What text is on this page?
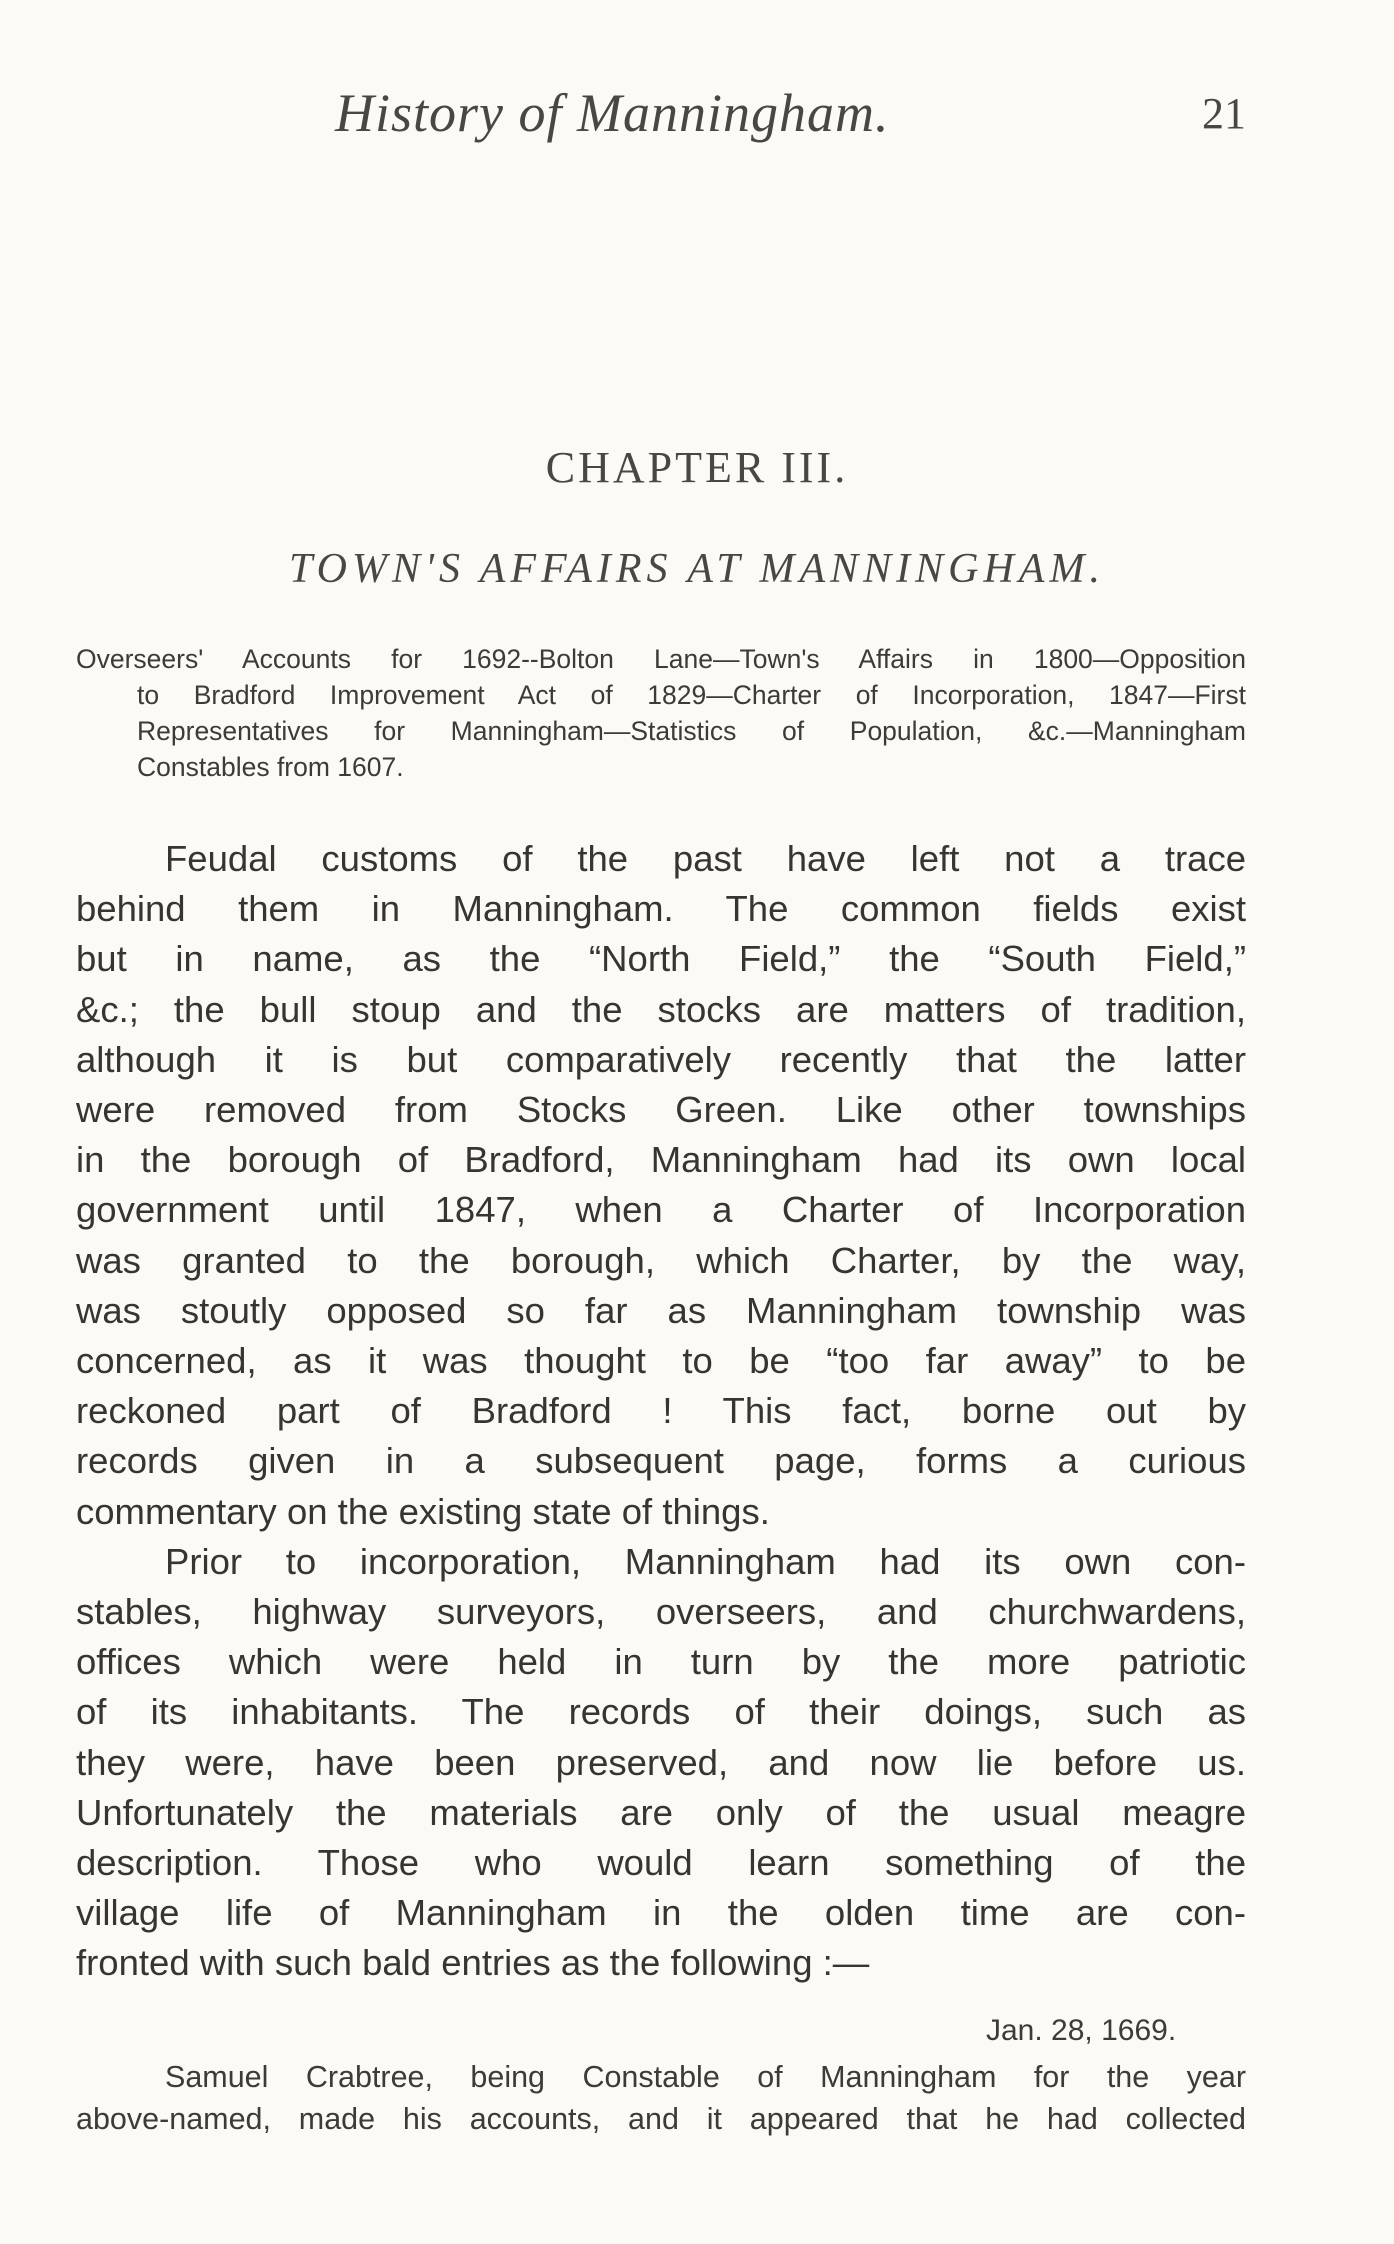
History of Manningham.	21
CHAPTER III.
TOWN'S AFFAIRS AT MANNINGHAM.
Overseers' Accounts for 1692--Bolton Lane—Town's Affairs in 1800—Opposition
to Bradford Improvement Act of 1829—Charter of Incorporation, 1847—First
Representatives for Manningham—Statistics of Population, &c.—Manningham
Constables from 1607.
Feudal customs of the past have left not a trace
behind them in Manningham. The common fields exist
but in name, as the “North Field,” the “South Field,”
&c.; the bull stoup and the stocks are matters of tradition,
although it is but comparatively recently that the latter
were removed from Stocks Green. Like other townships
in the borough of Bradford, Manningham had its own local
government until 1847, when a Charter of Incorporation
was granted to the borough, which Charter, by the way,
was stoutly opposed so far as Manningham township was
concerned, as it was thought to be “too far away” to be
reckoned part of Bradford ! This fact, borne out by
records given in a subsequent page, forms a curious
commentary on the existing state of things.
Prior to incorporation, Manningham had its own con-
stables, highway surveyors, overseers, and churchwardens,
offices which were held in turn by the more patriotic
of its inhabitants. The records of their doings, such as
they were, have been preserved, and now lie before us.
Unfortunately the materials are only of the usual meagre
description. Those who would learn something of the
village life of Manningham in the olden time are con-
fronted with such bald entries as the following :—
Jan. 28, 1669.
Samuel Crabtree, being Constable of Manningham for the year
above-named, made his accounts, and it appeared that he had collected
